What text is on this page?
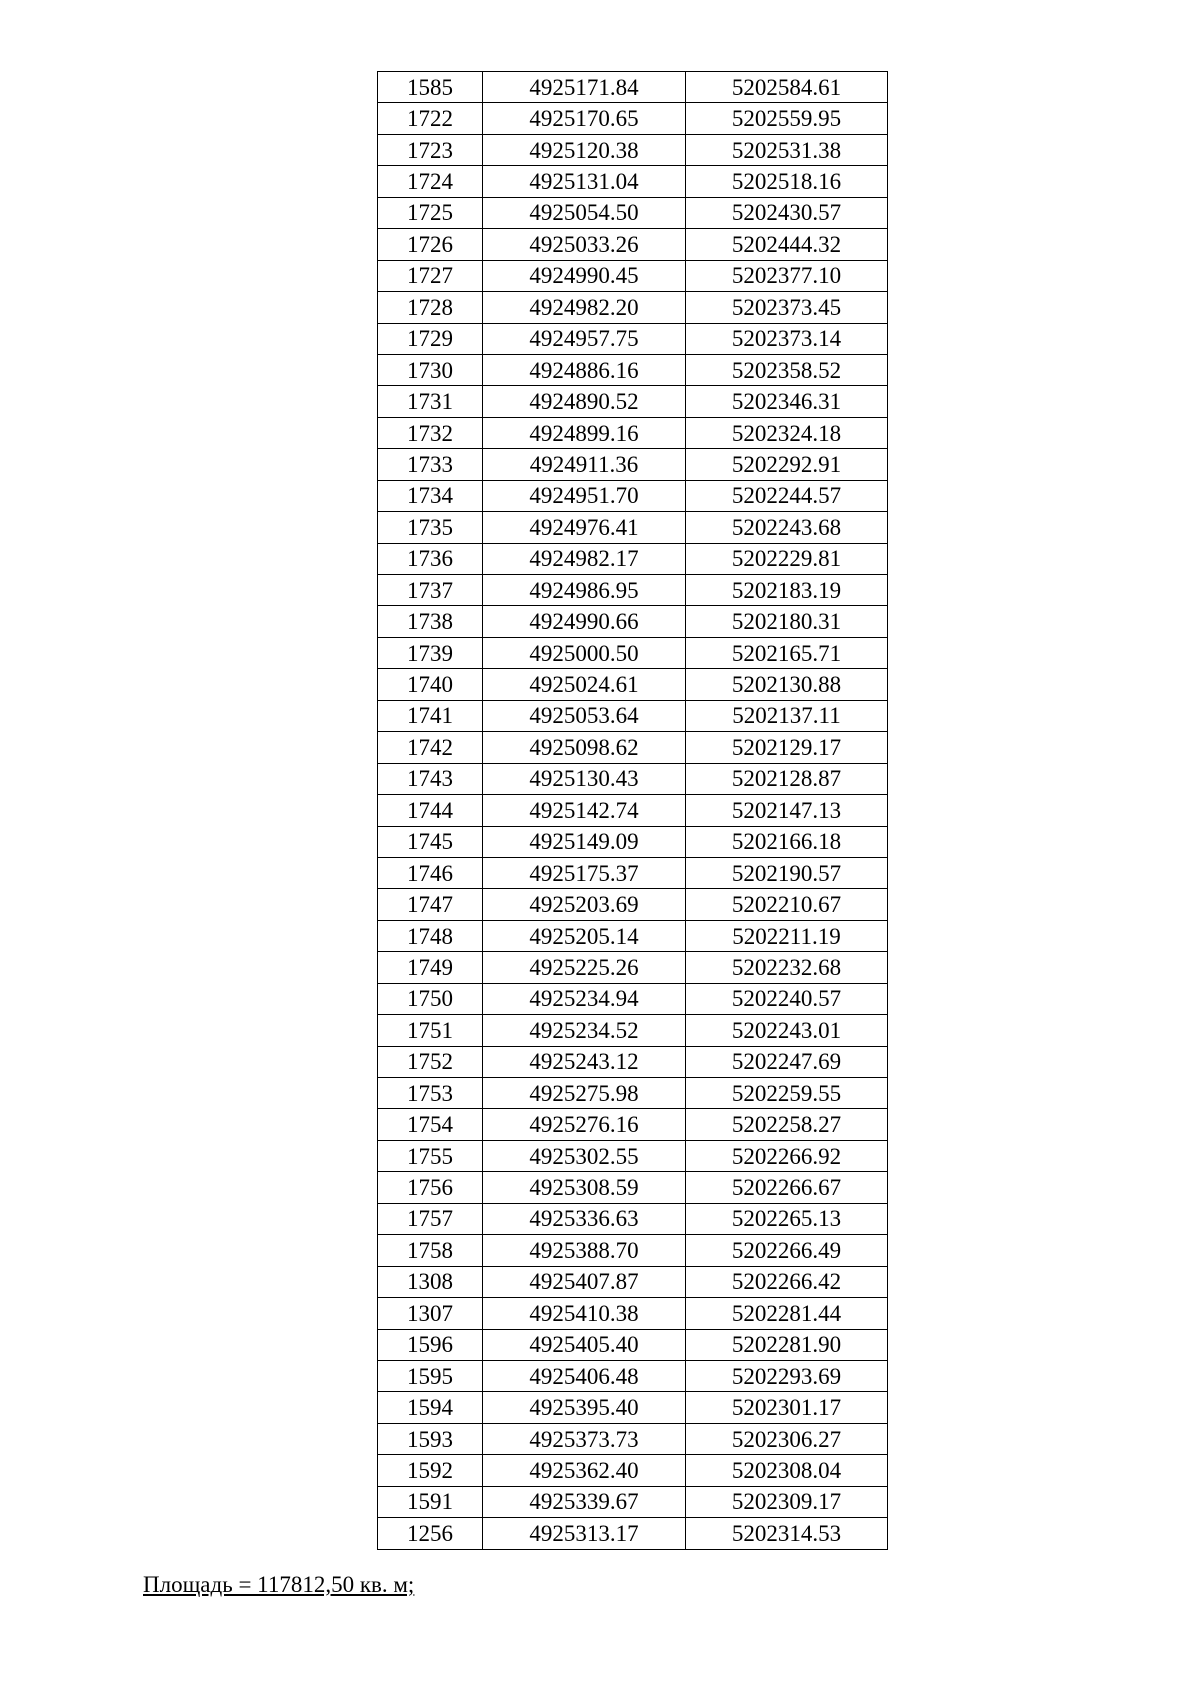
1585	4925171.84	5202584.61
1722	4925170.65	5202559.95
1723	4925120.38	5202531.38
1724	4925131.04	5202518.16
1725	4925054.50	5202430.57
1726	4925033.26	5202444.32
1727	4924990.45	5202377.10
1728	4924982.20	5202373.45
1729	4924957.75	5202373.14
1730	4924886.16	5202358.52
1731	4924890.52	5202346.31
1732	4924899.16	5202324.18
1733	4924911.36	5202292.91
1734	4924951.70	5202244.57
1735	4924976.41	5202243.68
1736	4924982.17	5202229.81
1737	4924986.95	5202183.19
1738	4924990.66	5202180.31
1739	4925000.50	5202165.71
1740	4925024.61	5202130.88
1741	4925053.64	5202137.11
1742	4925098.62	5202129.17
1743	4925130.43	5202128.87
1744	4925142.74	5202147.13
1745	4925149.09	5202166.18
1746	4925175.37	5202190.57
1747	4925203.69	5202210.67
1748	4925205.14	5202211.19
1749	4925225.26	5202232.68
1750	4925234.94	5202240.57
1751	4925234.52	5202243.01
1752	4925243.12	5202247.69
1753	4925275.98	5202259.55
1754	4925276.16	5202258.27
1755	4925302.55	5202266.92
1756	4925308.59	5202266.67
1757	4925336.63	5202265.13
1758	4925388.70	5202266.49
1308	4925407.87	5202266.42
1307	4925410.38	5202281.44
1596	4925405.40	5202281.90
1595	4925406.48	5202293.69
1594	4925395.40	5202301.17
1593	4925373.73	5202306.27
1592	4925362.40	5202308.04
1591	4925339.67	5202309.17
1256	4925313.17	5202314.53
Площадь = 117812,50 кв. м;
